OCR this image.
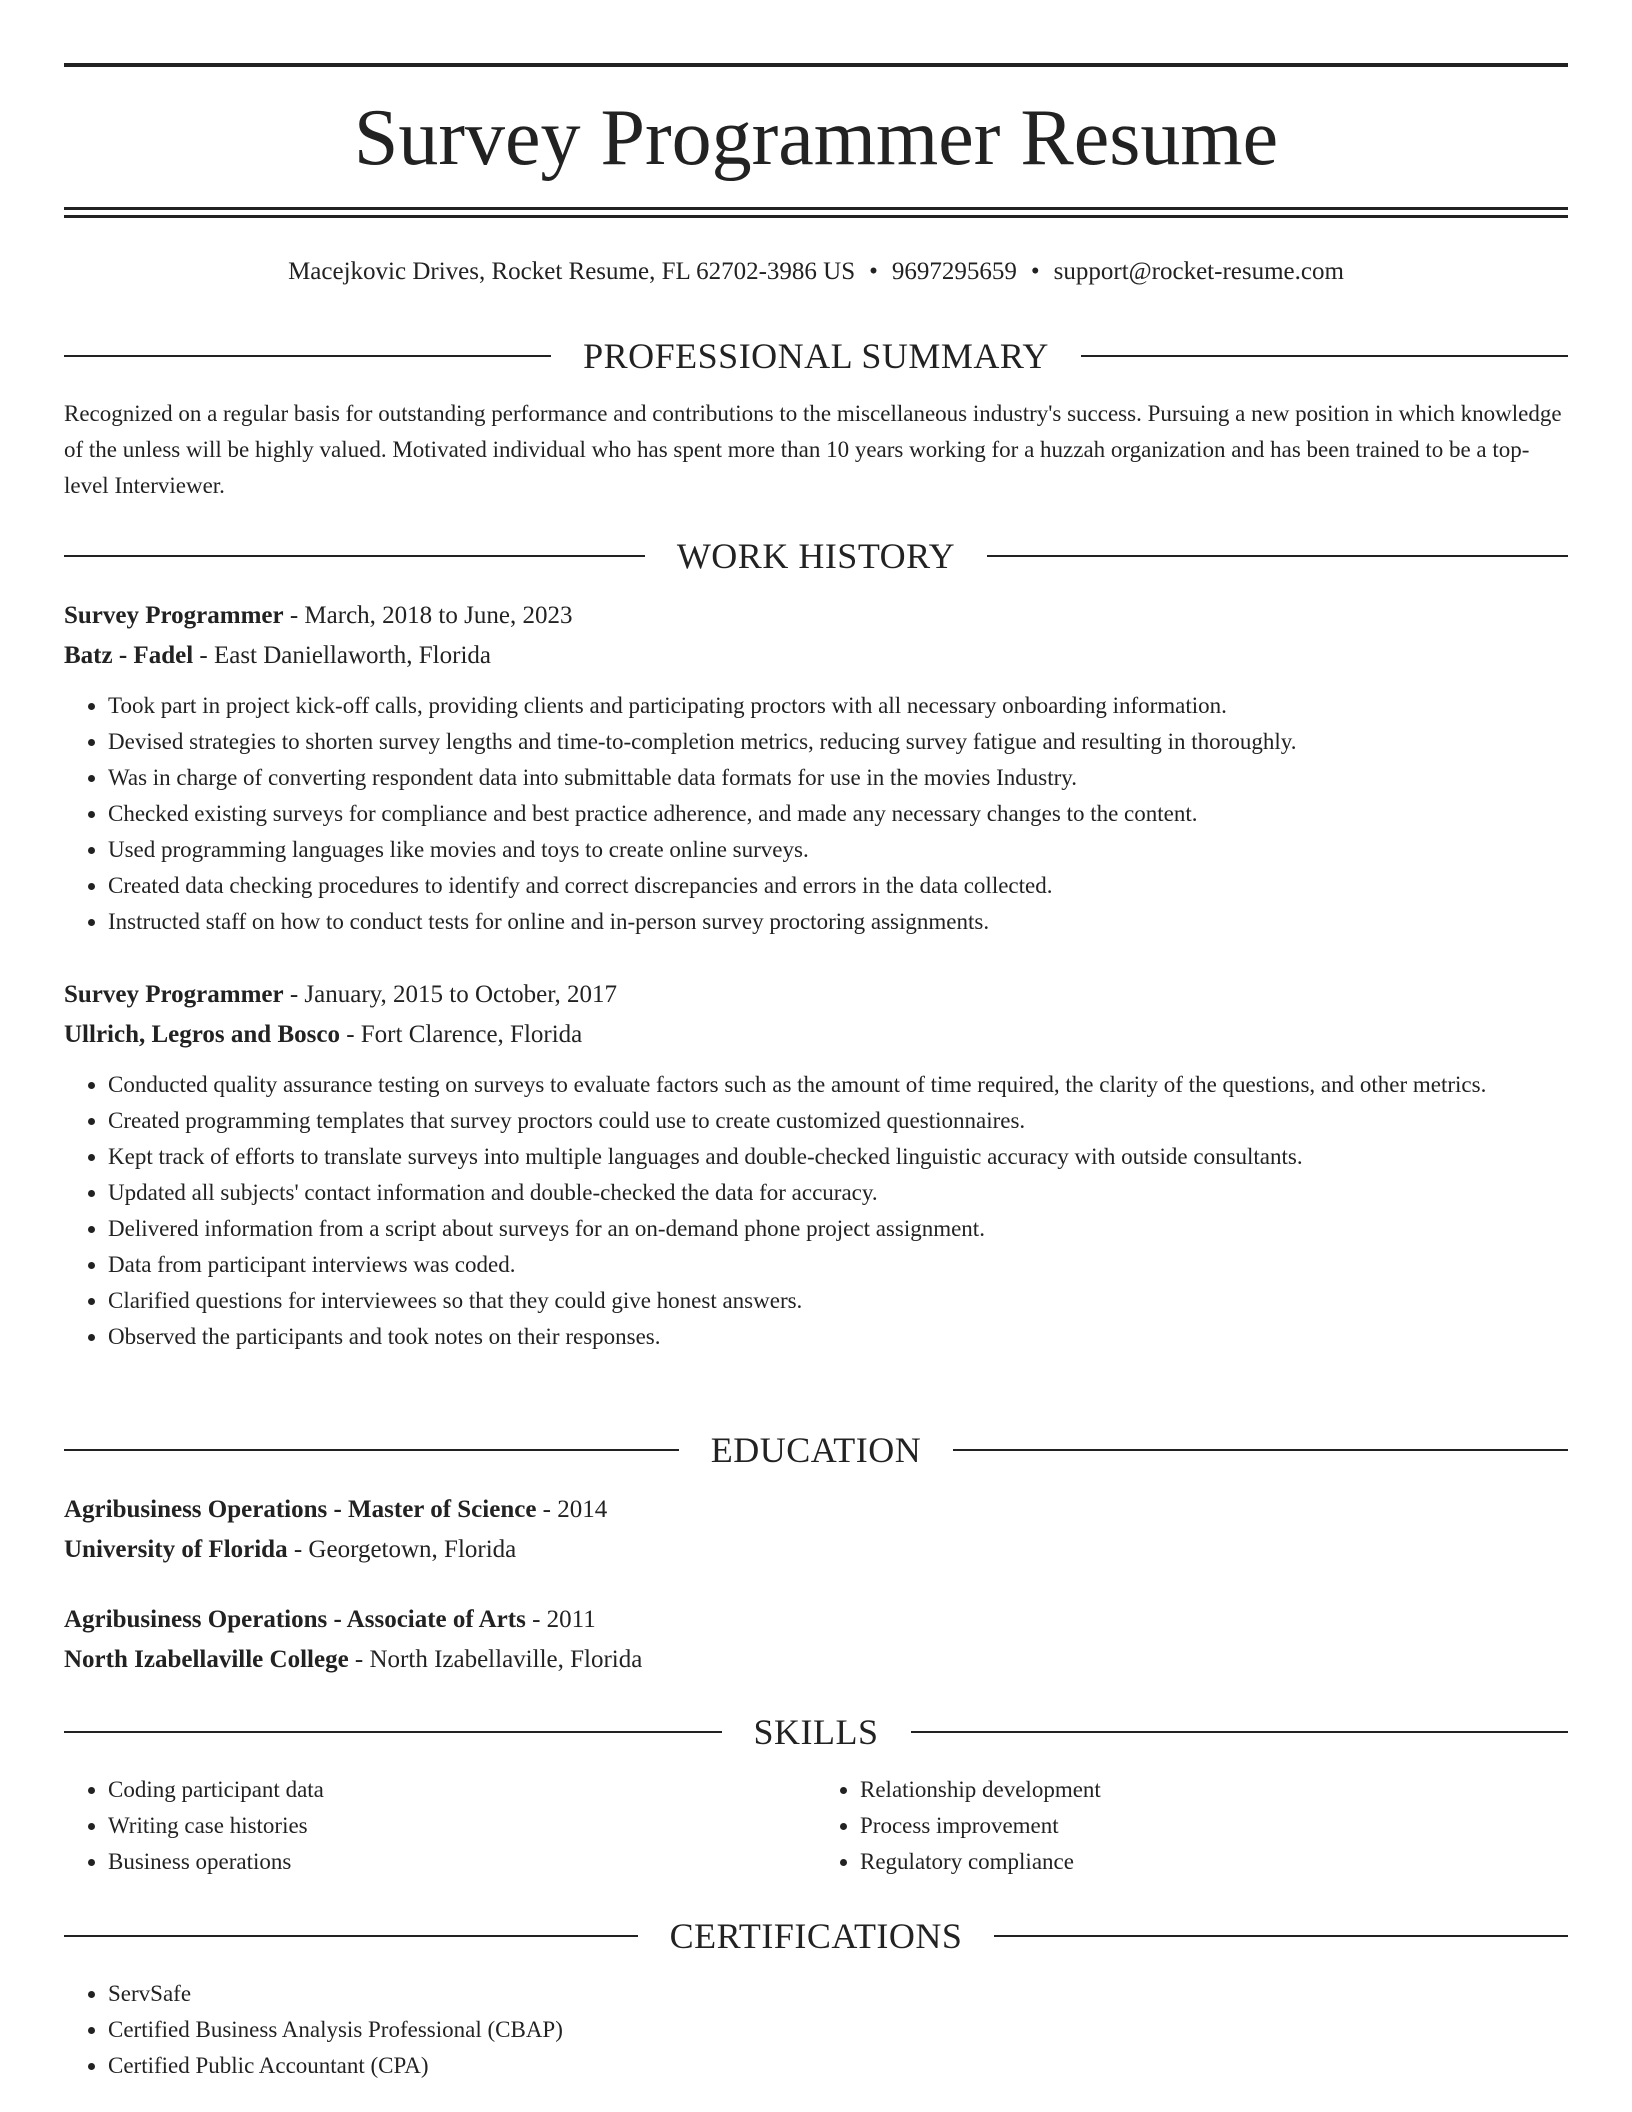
Survey Programmer Resume
Macejkovic Drives, Rocket Resume, FL 62702-3986 US • 9697295659 • support@rocket-resume.com
PROFESSIONAL SUMMARY

Recognized on a regular basis for outstanding performance and contributions to the miscellaneous industry's success. Pursuing a new position in which knowledge of the unless will be highly valued. Motivated individual who has spent more than 10 years working for a huzzah organization and has been trained to be a top-level Interviewer.

WORK HISTORY

Survey Programmer - March, 2018 to June, 2023

Batz - Fadel - East Daniellaworth, Florida

• Took part in project kick-off calls, providing clients and participating proctors with all necessary onboarding information.
• Devised strategies to shorten survey lengths and time-to-completion metrics, reducing survey fatigue and resulting in thoroughly.
• Was in charge of converting respondent data into submittable data formats for use in the movies Industry.
• Checked existing surveys for compliance and best practice adherence, and made any necessary changes to the content.
• Used programming languages like movies and toys to create online surveys.
• Created data checking procedures to identify and correct discrepancies and errors in the data collected.
• Instructed staff on how to conduct tests for online and in-person survey proctoring assignments.

Survey Programmer - January, 2015 to October, 2017

Ullrich, Legros and Bosco - Fort Clarence, Florida

• Conducted quality assurance testing on surveys to evaluate factors such as the amount of time required, the clarity of the questions, and other metrics.
• Created programming templates that survey proctors could use to create customized questionnaires.
• Kept track of efforts to translate surveys into multiple languages and double-checked linguistic accuracy with outside consultants.
• Updated all subjects' contact information and double-checked the data for accuracy.
• Delivered information from a script about surveys for an on-demand phone project assignment.
• Data from participant interviews was coded.
• Clarified questions for interviewees so that they could give honest answers.
• Observed the participants and took notes on their responses.
EDUCATION

Agribusiness Operations - Master of Science - 2014

University of Florida - Georgetown, Florida

Agribusiness Operations - Associate of Arts - 2011

North Izabellaville College - North Izabellaville, Florida

SKILLS
• Coding participant data
• Writing case histories
• Business operations
• Relationship development
• Process improvement
• Regulatory compliance
CERTIFICATIONS
• ServSafe
• Certified Business Analysis Professional (CBAP)
• Certified Public Accountant (CPA)
